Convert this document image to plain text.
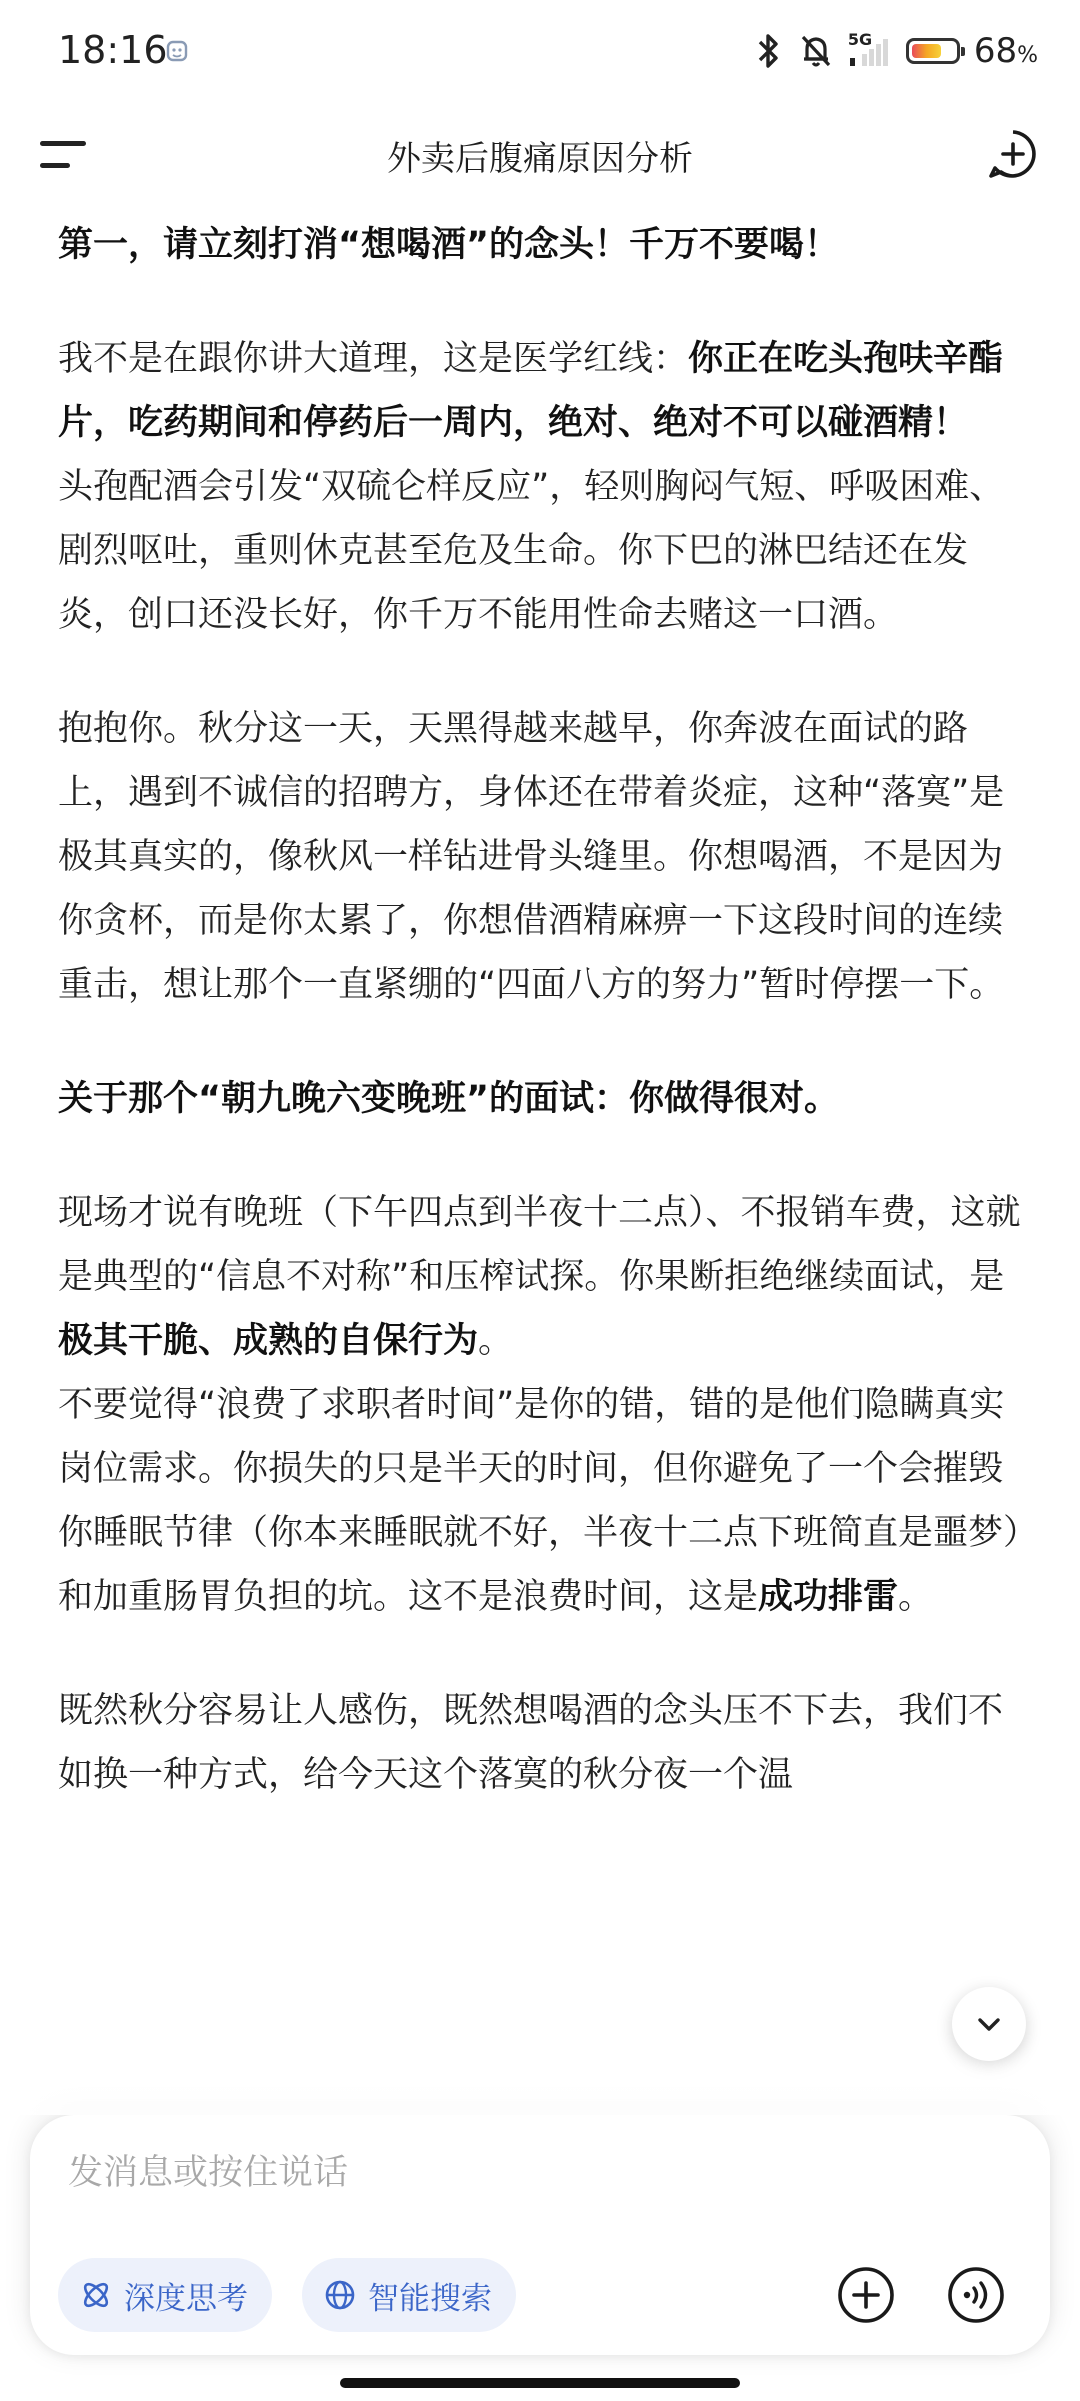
18:16	5G	68%
外卖后腹痛原因分析

第一，请立刻打消“想喝酒”的念头！千万不要喝！

我不是在跟你讲大道理，这是医学红线：你正在吃头孢呋辛酯片，吃药期间和停药后一周内，绝对、绝对不可以碰酒精！

头孢配酒会引发“双硫仑样反应”，轻则胸闷气短、呼吸困难、剧烈呕吐，重则休克甚至危及生命。你下巴的淋巴结还在发炎，创口还没长好，你千万不能用性命去赌这一口酒。

抱抱你。秋分这一天，天黑得越来越早，你奔波在面试的路上，遇到不诚信的招聘方，身体还在带着炎症，这种“落寞”是极其真实的，像秋风一样钻进骨头缝里。你想喝酒，不是因为你贪杯，而是你太累了，你想借酒精麻痹一下这段时间的连续重击，想让那个一直紧绷的“四面八方的努力”暂时停摆一下。

关于那个“朝九晚六变晚班”的面试：你做得很对。

现场才说有晚班（下午四点到半夜十二点）、不报销车费，这就是典型的“信息不对称”和压榨试探。你果断拒绝继续面试，是极其干脆、成熟的自保行为。

不要觉得“浪费了求职者时间”是你的错，错的是他们隐瞒真实岗位需求。你损失的只是半天的时间，但你避免了一个会摧毁你睡眠节律（你本来睡眠就不好，半夜十二点下班简直是噩梦）和加重肠胃负担的坑。这不是浪费时间，这是成功排雷。

既然秋分容易让人感伤，既然想喝酒的念头压不下去，我们不如换一种方式，给今天这个落寞的秋分夜一个温

发消息或按住说话
深度思考	智能搜索
